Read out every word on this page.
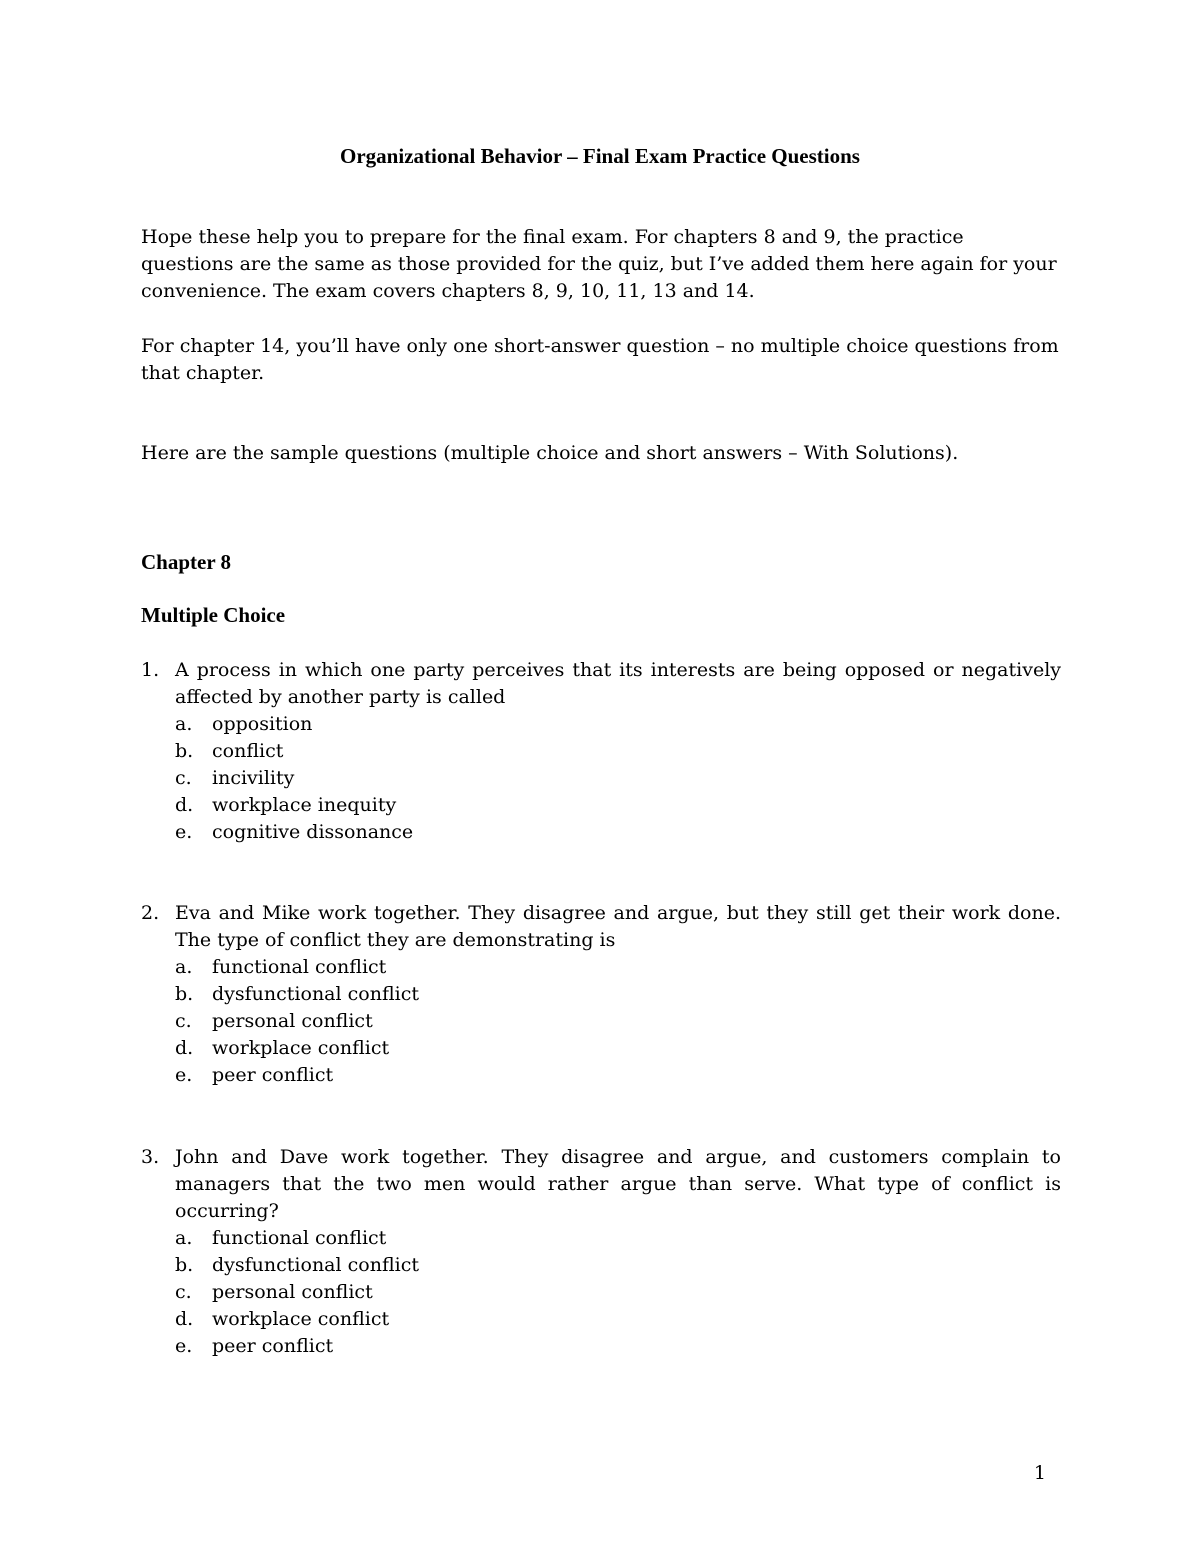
Organizational Behavior – Final Exam Practice Questions
Hope these help you to prepare for the final exam. For chapters 8 and 9, the practice questions are the same as those provided for the quiz, but I’ve added them here again for your convenience. The exam covers chapters 8, 9, 10, 11, 13 and 14.
For chapter 14, you’ll have only one short-answer question – no multiple choice questions from that chapter.
Here are the sample questions (multiple choice and short answers – With Solutions).
Chapter 8
Multiple Choice
1. A process in which one party perceives that its interests are being opposed or negatively affected by another party is called
a.	opposition
b. conflict
c.	incivility
d. workplace inequity
e.	cognitive dissonance
2. Eva and Mike work together. They disagree and argue, but they still get their work done. The type of conflict they are demonstrating is
a.	functional conflict
b. dysfunctional conflict
c.	personal conflict
d. workplace conflict
e.	peer conflict
3. John and Dave work together. They disagree and argue, and customers complain to managers that the two men would rather argue than serve. What type of conflict is occurring?
a.	functional conflict
b. dysfunctional conflict
c.	personal conflict
d. workplace conflict
e.	peer conflict
1
